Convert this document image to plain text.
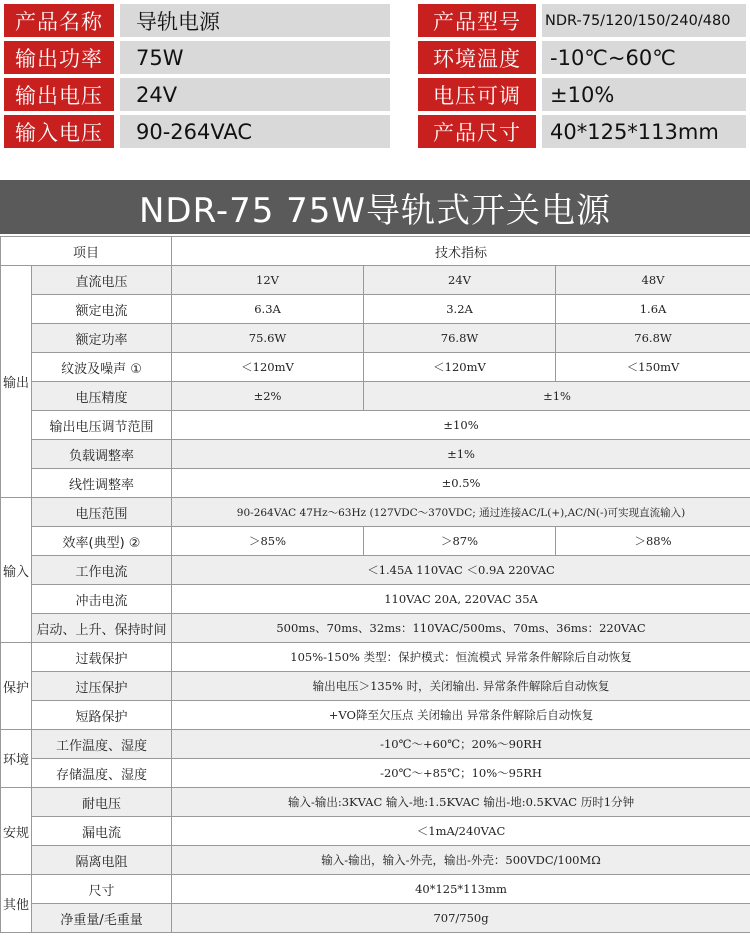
产品名称	导轨电源	产品型号	NDR-75/120/150/240/480
输出功率	75W	环境温度	-10℃~60℃
输出电压	24V	电压可调	±10%
输入电压	90-264VAC	产品尺寸	40*125*113mm
NDR-75 75W导轨式开关电源
项目		技术指标		
输出	直流电压	12V	24V	48V
	额定电流	6.3A	3.2A	1.6A
	额定功率	75.6W	76.8W	76.8W
	纹波及噪声 ①	＜120mV	＜120mV	＜150mV
	电压精度	±2%	±1%	
	输出电压调节范围	±10%		
	负载调整率	±1%		
	线性调整率	±0.5%		
输入	电压范围	90-264VAC 47Hz～63Hz (127VDC～370VDC; 通过连接AC/L(+),AC/N(-)可实现直流输入)		
	效率(典型) ②	＞85%	＞87%	＞88%
	工作电流	＜1.45A 110VAC ＜0.9A 220VAC		
	冲击电流	110VAC 20A, 220VAC 35A		
	启动、上升、保持时间	500ms、70ms、32ms：110VAC/500ms、70ms、36ms：220VAC		
保护	过载保护	105%-150% 类型：保护模式：恒流模式 异常条件解除后自动恢复		
	过压保护	输出电压＞135% 时，关闭输出. 异常条件解除后自动恢复		
	短路保护	+VO降至欠压点 关闭输出 异常条件解除后自动恢复		
环境	工作温度、湿度	-10℃～+60℃；20%～90RH		
	存储温度、湿度	-20℃～+85℃；10%～95RH		
安规	耐电压	输入-输出:3KVAC 输入-地:1.5KVAC 输出-地:0.5KVAC 历时1分钟		
	漏电流	＜1mA/240VAC		
	隔离电阻	输入-输出，输入-外壳，输出-外壳：500VDC/100MΩ		
其他	尺寸	40*125*113mm		
	净重量/毛重量	707/750g		
